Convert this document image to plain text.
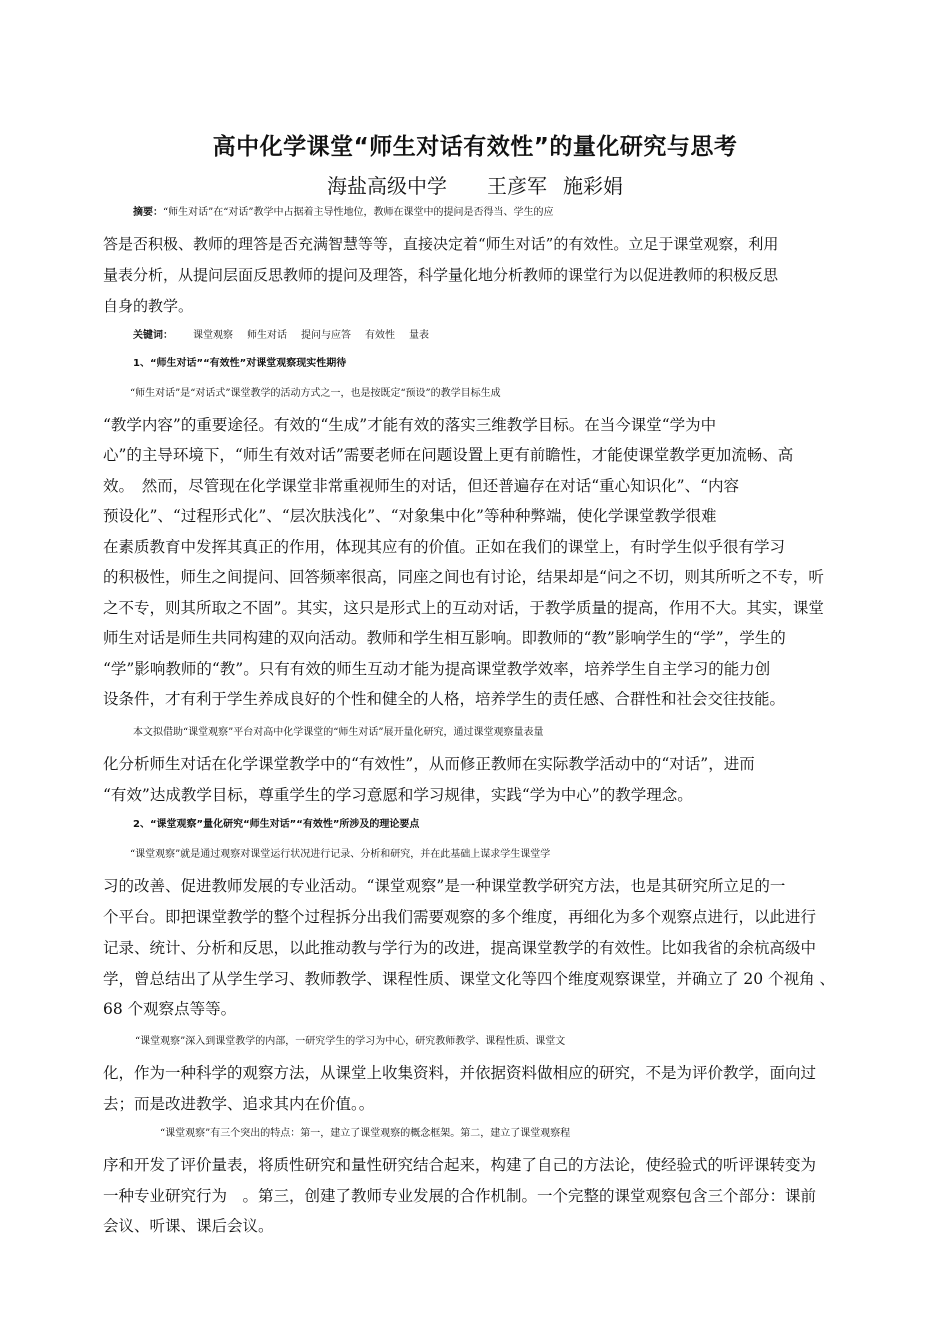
高中化学课堂“师生对话有效性”的量化研究与思考
海盐高级中学 王彦军 施彩娟
摘要：“师生对话”在“对话”教学中占据着主导性地位，教师在课堂中的提问是否得当、学生的应
答是否积极、教师的理答是否充满智慧等等，直接决定着“师生对话”的有效性。立足于课堂观察，利用
量表分析，从提问层面反思教师的提问及理答，科学量化地分析教师的课堂行为以促进教师的积极反思
自身的教学。
关键词： 课堂观察 师生对话 提问与应答 有效性 量表
1、“师生对话”“有效性”对课堂观察现实性期待
“师生对话”是“对话式”课堂教学的活动方式之一，也是按既定“预设”的教学目标生成
“教学内容”的重要途径。有效的“生成”才能有效的落实三维教学目标。在当今课堂“学为中
心”的主导环境下，“师生有效对话”需要老师在问题设置上更有前瞻性，才能使课堂教学更加流畅、高
效。　然而，尽管现在化学课堂非常重视师生的对话，但还普遍存在对话“重心知识化”、“内容
预设化”、“过程形式化”、“层次肤浅化”、“对象集中化”等种种弊端，使化学课堂教学很难
在素质教育中发挥其真正的作用，体现其应有的价值。正如在我们的课堂上，有时学生似乎很有学习
的积极性，师生之间提问、回答频率很高，同座之间也有讨论，结果却是“问之不切，则其所听之不专，听
之不专，则其所取之不固”。其实，这只是形式上的互动对话，于教学质量的提高，作用不大。其实，课堂
师生对话是师生共同构建的双向活动。教师和学生相互影响。即教师的“教”影响学生的“学”，学生的
“学”影响教师的“教”。只有有效的师生互动才能为提高课堂教学效率，培养学生自主学习的能力创
设条件，才有利于学生养成良好的个性和健全的人格，培养学生的责任感、合群性和社会交往技能。
本文拟借助“课堂观察”平台对高中化学课堂的“师生对话”展开量化研究，通过课堂观察量表量
化分析师生对话在化学课堂教学中的“有效性”，从而修正教师在实际教学活动中的“对话”，进而
“有效”达成教学目标，尊重学生的学习意愿和学习规律，实践“学为中心”的教学理念。
2、“课堂观察”量化研究“师生对话”“有效性”所涉及的理论要点
“课堂观察”就是通过观察对课堂运行状况进行记录、分析和研究，并在此基础上谋求学生课堂学
习的改善、促进教师发展的专业活动。“课堂观察”是一种课堂教学研究方法，也是其研究所立足的一
个平台。即把课堂教学的整个过程拆分出我们需要观察的多个维度，再细化为多个观察点进行，以此进行
记录、统计、分析和反思，以此推动教与学行为的改进，提高课堂教学的有效性。比如我省的余杭高级中
学，曾总结出了从学生学习、教师教学、课程性质、课堂文化等四个维度观察课堂，并确立了 20 个视角 、
68 个观察点等等。
“课堂观察”深入到课堂教学的内部，一研究学生的学习为中心，研究教师教学、课程性质、课堂文
化，作为一种科学的观察方法，从课堂上收集资料，并依据资料做相应的研究，不是为评价教学，面向过
去；而是改进教学、追求其内在价值。。
“课堂观察”有三个突出的特点：第一，建立了课堂观察的概念框架。第二，建立了课堂观察程
序和开发了评价量表，将质性研究和量性研究结合起来，构建了自己的方法论，使经验式的听评课转变为
一种专业研究行为　。第三，创建了教师专业发展的合作机制。一个完整的课堂观察包含三个部分：课前
会议、听课、课后会议。
